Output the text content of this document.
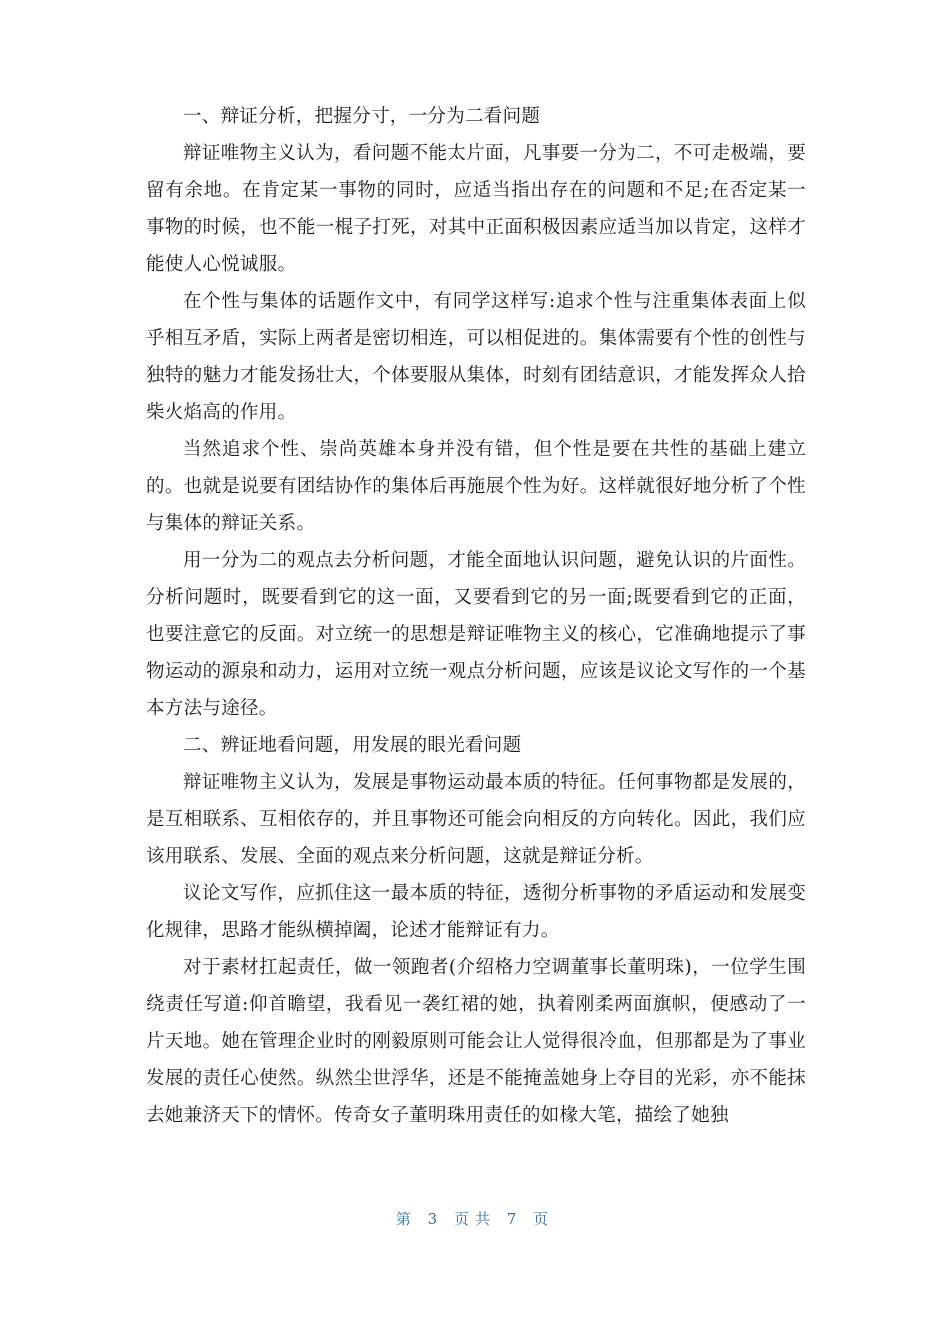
一、辩证分析，把握分寸，一分为二看问题

辩证唯物主义认为，看问题不能太片面，凡事要一分为二，不可走极端，要留有余地。在肯定某一事物的同时，应适当指出存在的问题和不足;在否定某一事物的时候，也不能一棍子打死，对其中正面积极因素应适当加以肯定，这样才能使人心悦诚服。

在个性与集体的话题作文中，有同学这样写:追求个性与注重集体表面上似乎相互矛盾，实际上两者是密切相连，可以相促进的。集体需要有个性的创性与独特的魅力才能发扬壮大，个体要服从集体，时刻有团结意识，才能发挥众人拾柴火焰高的作用。

当然追求个性、崇尚英雄本身并没有错，但个性是要在共性的基础上建立的。也就是说要有团结协作的集体后再施展个性为好。这样就很好地分析了个性与集体的辩证关系。

用一分为二的观点去分析问题，才能全面地认识问题，避免认识的片面性。分析问题时，既要看到它的这一面，又要看到它的另一面;既要看到它的正面，也要注意它的反面。对立统一的思想是辩证唯物主义的核心，它准确地提示了事物运动的源泉和动力，运用对立统一观点分析问题，应该是议论文写作的一个基本方法与途径。

二、辨证地看问题，用发展的眼光看问题

辩证唯物主义认为，发展是事物运动最本质的特征。任何事物都是发展的，是互相联系、互相依存的，并且事物还可能会向相反的方向转化。因此，我们应该用联系、发展、全面的观点来分析问题，这就是辩证分析。

议论文写作，应抓住这一最本质的特征，透彻分析事物的矛盾运动和发展变化规律，思路才能纵横掉阖，论述才能辩证有力。

对于素材扛起责任，做一领跑者(介绍格力空调董事长董明珠)，一位学生围绕责任写道:仰首瞻望，我看见一袭红裙的她，执着刚柔两面旗帜，便感动了一片天地。她在管理企业时的刚毅原则可能会让人觉得很冷血，但那都是为了事业发展的责任心使然。纵然尘世浮华，还是不能掩盖她身上夺目的光彩，亦不能抹去她兼济天下的情怀。传奇女子董明珠用责任的如椽大笔，描绘了她独

第 3 页共 7 页
